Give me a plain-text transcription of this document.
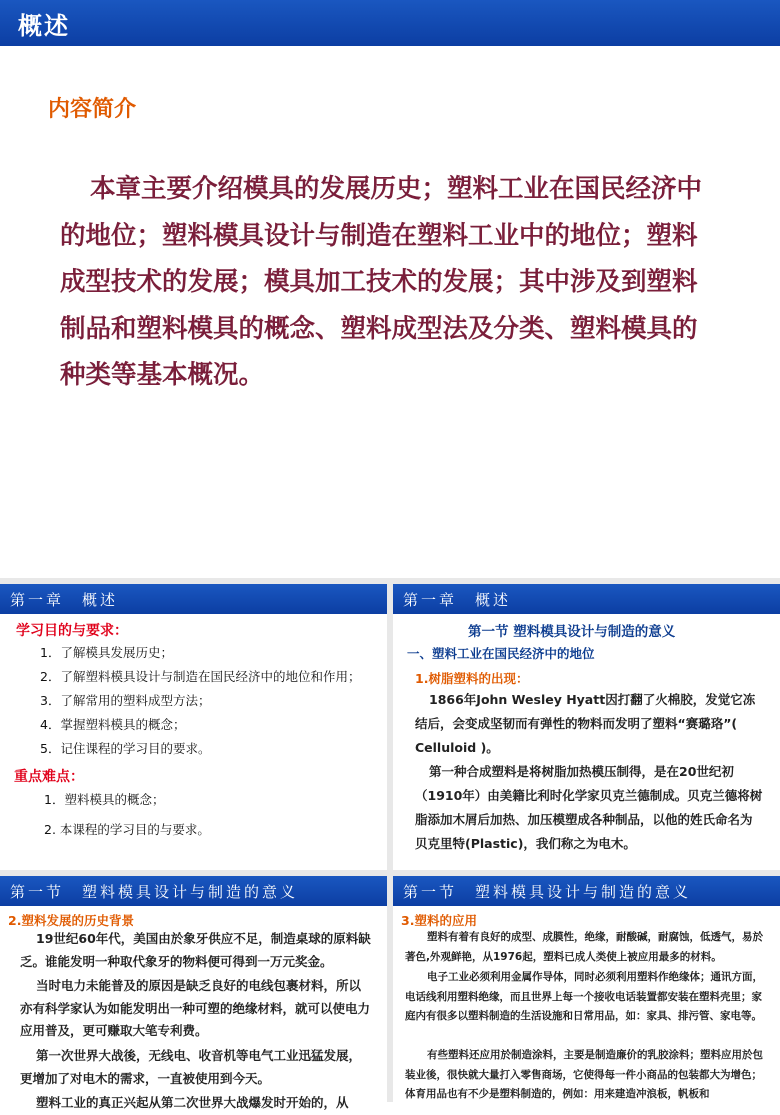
概述
内容简介
本章主要介绍模具的发展历史；塑料工业在国民经济中的地位；塑料模具设计与制造在塑料工业中的地位；塑料成型技术的发展；模具加工技术的发展；其中涉及到塑料制品和塑料模具的概念、塑料成型法及分类、塑料模具的种类等基本概况。
第一章　概述
学习目的与要求：
1．了解模具发展历史；
2．了解塑料模具设计与制造在国民经济中的地位和作用；
3．了解常用的塑料成型方法；
4．掌握塑料模具的概念；
5．记住课程的学习目的要求。
重点难点：
1．塑料模具的概念；
2. 本课程的学习目的与要求。
第一章　概述
第一节 塑料模具设计与制造的意义
一、塑料工业在国民经济中的地位
1.树脂塑料的出现：
1866年John Wesley Hyatt因打翻了火棉胶，发觉它冻结后，会变成坚韧而有弹性的物料而发明了塑料“赛璐珞”( Celluloid )。
第一种合成塑料是将树脂加热模压制得，是在20世纪初（1910年）由美籍比利时化学家贝克兰德制成。贝克兰德将树脂添加木屑后加热、加压模塑成各种制品，以他的姓氏命名为贝克里特(Plastic)，我们称之为电木。
第一节　塑料模具设计与制造的意义
2.塑料发展的历史背景
19世纪60年代，美国由於象牙供应不足，制造桌球的原料缺乏。谁能发明一种取代象牙的物料便可得到一万元奖金。
当时电力未能普及的原因是缺乏良好的电线包裹材料，所以亦有科学家认为如能发明出一种可塑的绝缘材料，就可以使电力应用普及，更可赚取大笔专利费。
第一次世界大战後，无线电、收音机等电气工业迅猛发展，更增加了对电木的需求，一直被使用到今天。
塑料工业的真正兴起从第二次世界大战爆发时开始的，从
第一节　塑料模具设计与制造的意义
3.塑料的应用
塑料有着有良好的成型、成膜性，绝缘，耐酸碱，耐腐蚀，低透气，易於著色,外观鲜艳，从1976起，塑料已成人类使上被应用最多的材料。
电子工业必须利用金属作导体，同时必须利用塑料作绝缘体；通讯方面，电话线利用塑料绝缘，而且世界上每一个接收电话装置都安装在塑料壳里；家庭内有很多以塑料制造的生活设施和日常用品，如：家具、排污管、家电等。
有些塑料还应用於制造涂料，主要是制造廉价的乳胶涂料；塑料应用於包装业後，很快就大量打入零售商场，它使得每一件小商品的包装都大为增色；体育用品也有不少是塑料制造的，例如：用来建造冲浪板，帆板和
